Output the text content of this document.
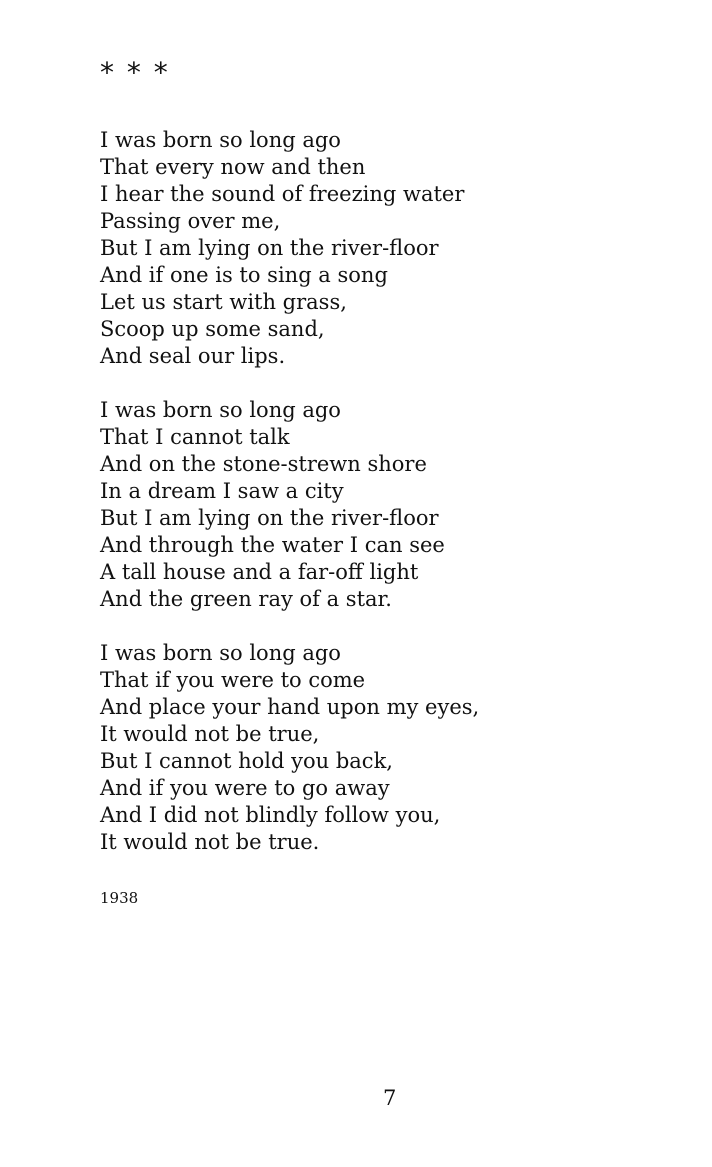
* * *
I was born so long ago
That every now and then
I hear the sound of freezing water
Passing over me,
But I am lying on the river-floor
And if one is to sing a song
Let us start with grass,
Scoop up some sand,
And seal our lips.
I was born so long ago
That I cannot talk
And on the stone-strewn shore
In a dream I saw a city
But I am lying on the river-floor
And through the water I can see
A tall house and a far-off light
And the green ray of a star.
I was born so long ago
That if you were to come
And place your hand upon my eyes,
It would not be true,
But I cannot hold you back,
And if you were to go away
And I did not blindly follow you,
It would not be true.
1938
7
